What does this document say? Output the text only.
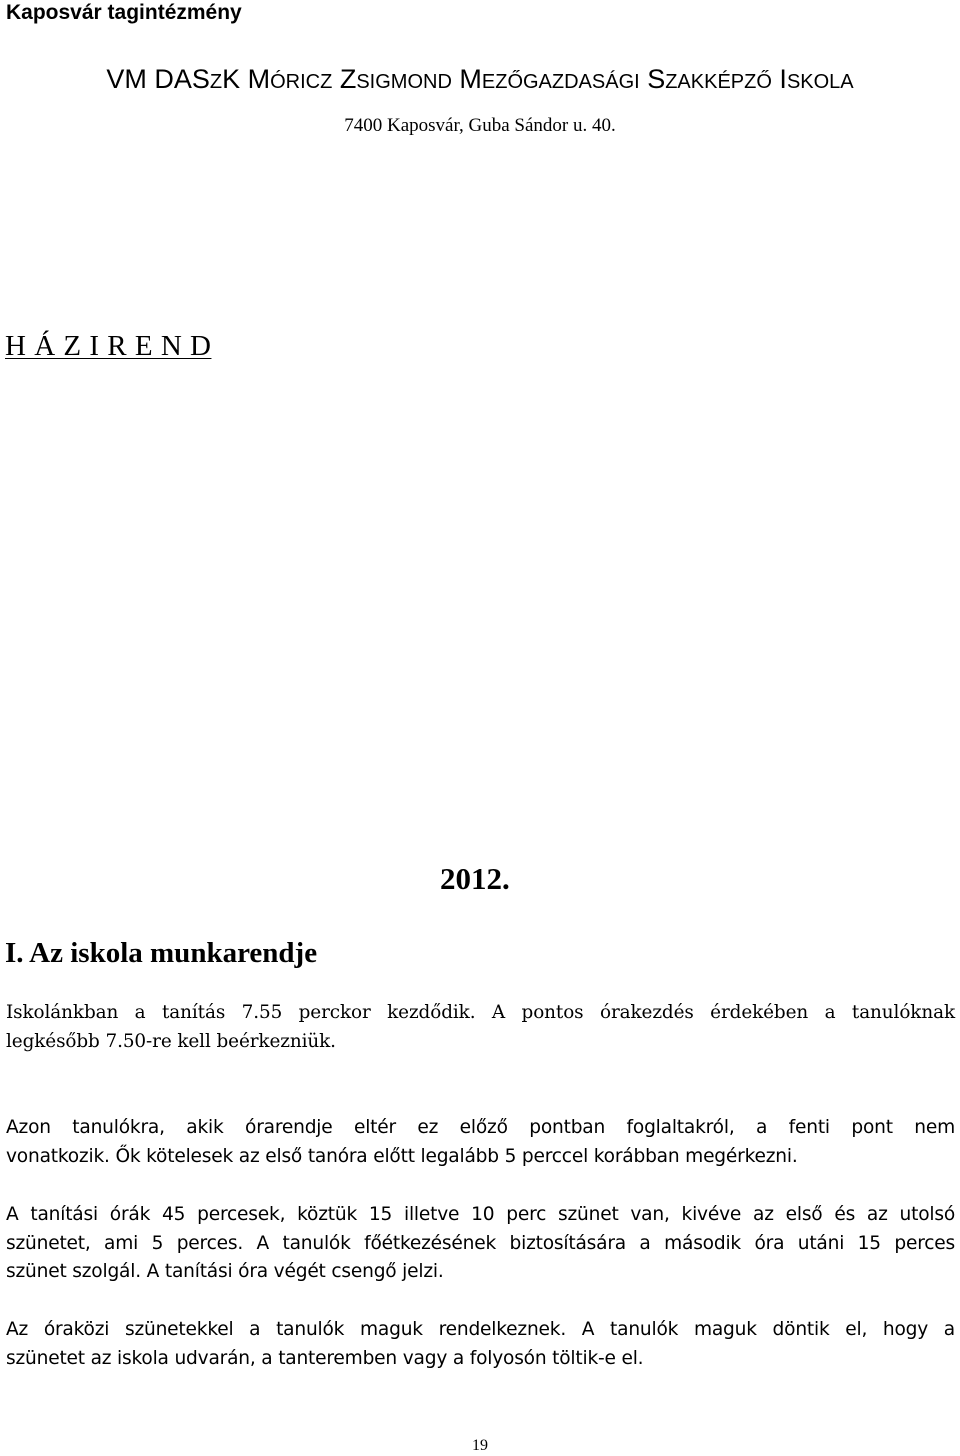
Kaposvár tagintézmény
VM DASZK MÓRICZ ZSIGMOND MEZŐGAZDASÁGI SZAKKÉPZŐ ISKOLA
7400 Kaposvár, Guba Sándor u. 40.
H Á Z I R E N D
2012.
I. Az iskola munkarendje
Iskolánkban a tanítás 7.55 perckor kezdődik. A pontos órakezdés érdekében a tanulóknak
legkésőbb 7.50-re kell beérkezniük.
Azon tanulókra, akik órarendje eltér ez előző pontban foglaltakról, a fenti pont nem
vonatkozik. Ők kötelesek az első tanóra előtt legalább 5 perccel korábban megérkezni.
A tanítási órák 45 percesek, köztük 15 illetve 10 perc szünet van, kivéve az első és az utolsó
szünetet, ami 5 perces. A tanulók főétkezésének biztosítására a második óra utáni 15 perces
szünet szolgál. A tanítási óra végét csengő jelzi.
Az óraközi szünetekkel a tanulók maguk rendelkeznek. A tanulók maguk döntik el, hogy a
szünetet az iskola udvarán, a tanteremben vagy a folyosón töltik-e el.
19
